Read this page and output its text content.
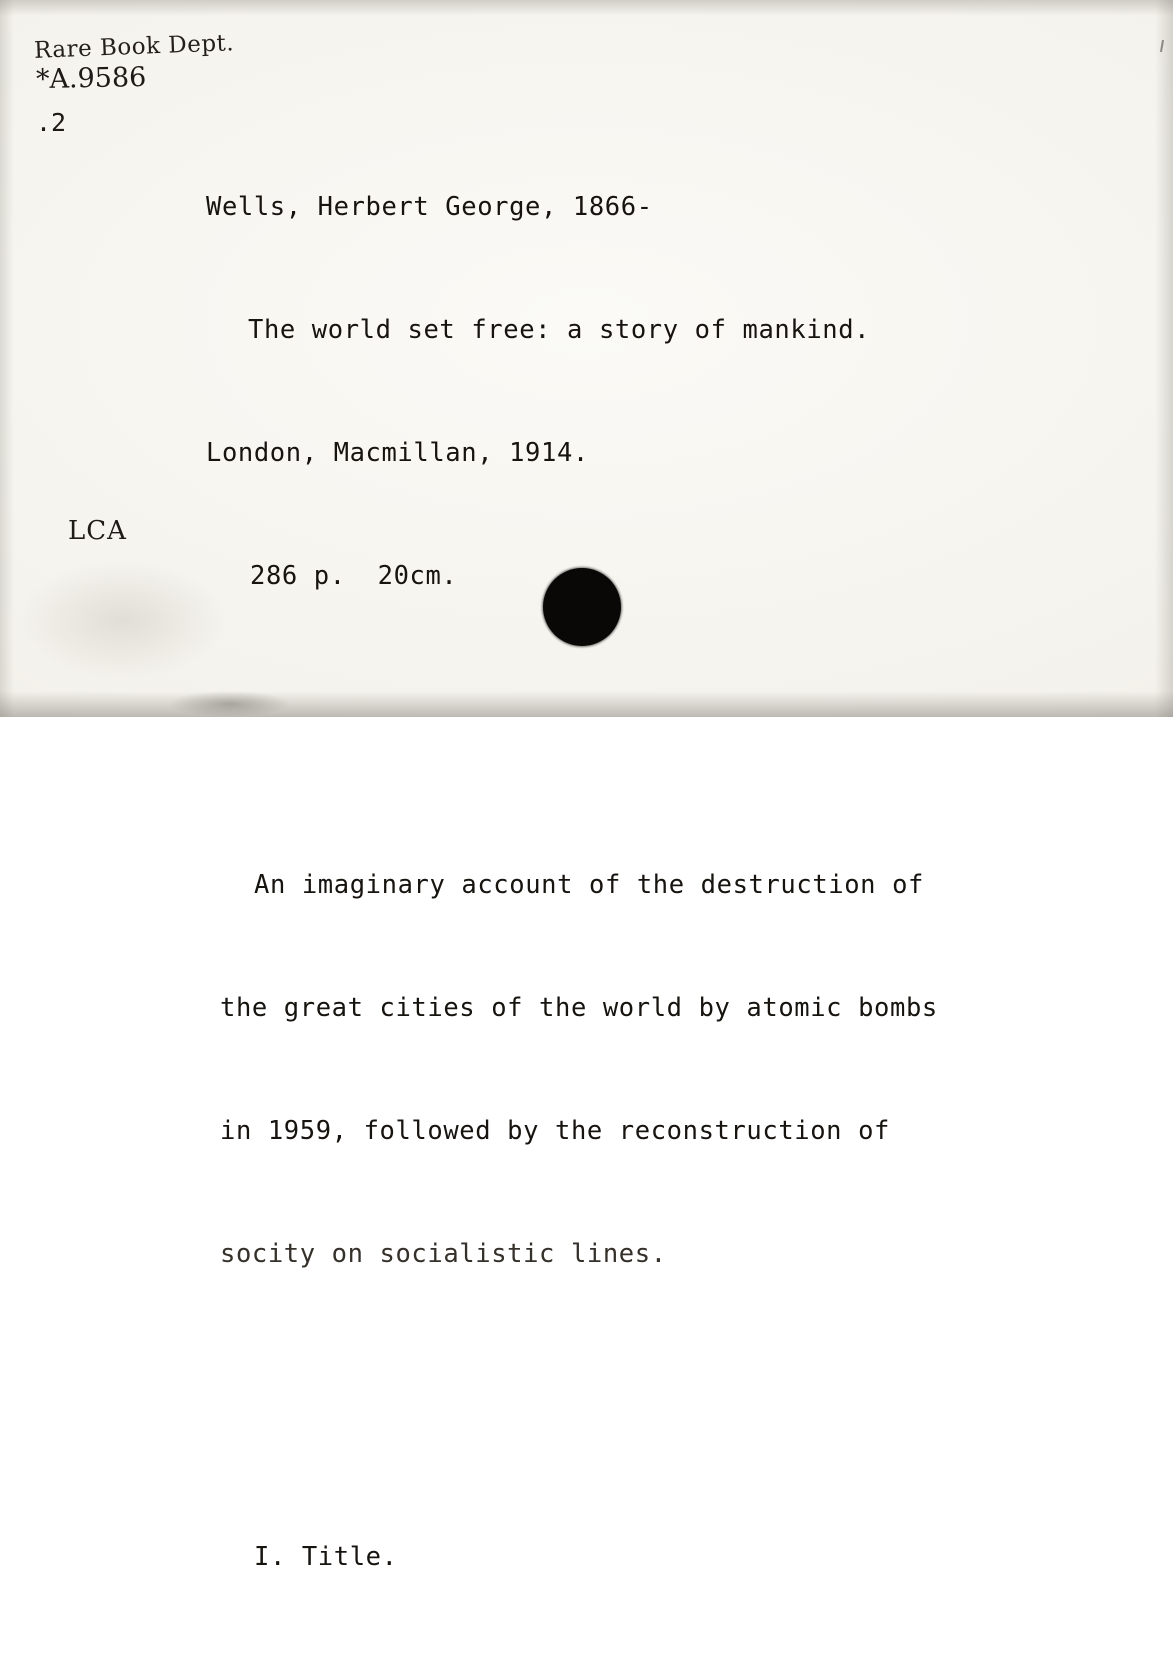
Rare Book Dept.
*A.9586
.2

Wells, Herbert George, 1866-

The world set free: a story of mankind.

London, Macmillan, 1914.

286 p.  20cm.

An imaginary account of the destruction of

the great cities of the world by atomic bombs

in 1959, followed by the reconstruction of

socity on socialistic lines.

I. Title.

LCA
